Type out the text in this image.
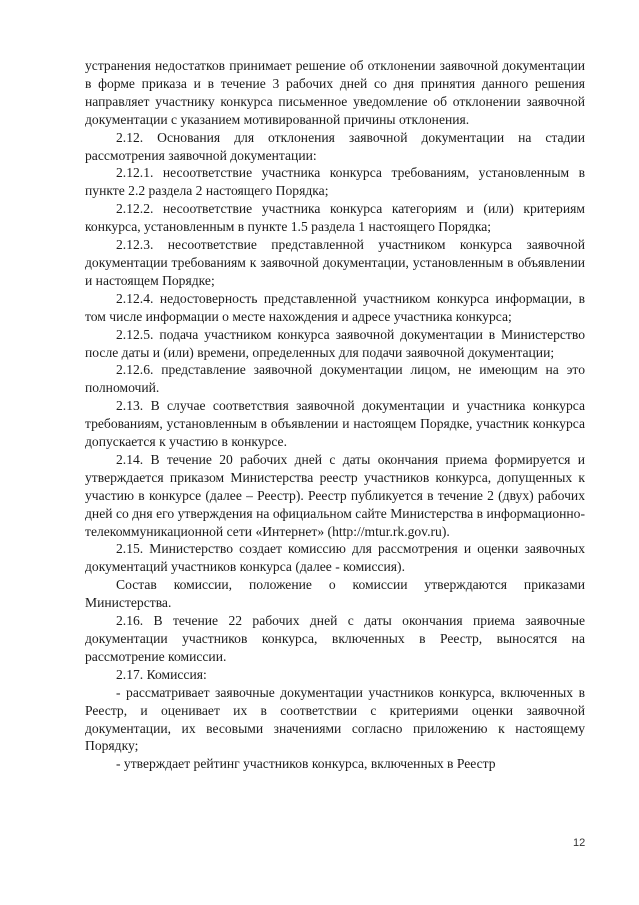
устранения недостатков принимает решение об отклонении заявочной документации в форме приказа и в течение 3 рабочих дней со дня принятия данного решения направляет участнику конкурса письменное уведомление об отклонении заявочной документации с указанием мотивированной причины отклонения.

2.12. Основания для отклонения заявочной документации на стадии рассмотрения заявочной документации:

2.12.1. несоответствие участника конкурса требованиям, установленным в пункте 2.2 раздела 2 настоящего Порядка;

2.12.2. несоответствие участника конкурса категориям и (или) критериям конкурса, установленным в пункте 1.5 раздела 1 настоящего Порядка;

2.12.3. несоответствие представленной участником конкурса заявочной документации требованиям к заявочной документации, установленным в объявлении и настоящем Порядке;

2.12.4. недостоверность представленной участником конкурса информации, в том числе информации о месте нахождения и адресе участника конкурса;

2.12.5. подача участником конкурса заявочной документации в Министерство после даты и (или) времени, определенных для подачи заявочной документации;

2.12.6. представление заявочной документации лицом, не имеющим на это полномочий.

2.13. В случае соответствия заявочной документации и участника конкурса требованиям, установленным в объявлении и настоящем Порядке, участник конкурса допускается к участию в конкурсе.

2.14. В течение 20 рабочих дней с даты окончания приема формируется и утверждается приказом Министерства реестр участников конкурса, допущенных к участию в конкурсе (далее – Реестр). Реестр публикуется в течение 2 (двух) рабочих дней со дня его утверждения на официальном сайте Министерства в информационно-телекоммуникационной сети «Интернет» (http://mtur.rk.gov.ru).

2.15. Министерство создает комиссию для рассмотрения и оценки заявочных документаций участников конкурса (далее - комиссия).

Состав комиссии, положение о комиссии утверждаются приказами Министерства.

2.16. В течение 22 рабочих дней с даты окончания приема заявочные документации участников конкурса, включенных в Реестр, выносятся на рассмотрение комиссии.

2.17. Комиссия:

- рассматривает заявочные документации участников конкурса, включенных в Реестр, и оценивает их в соответствии с критериями оценки заявочной документации, их весовыми значениями согласно приложению к настоящему Порядку;

- утверждает рейтинг участников конкурса, включенных в Реестр

12
